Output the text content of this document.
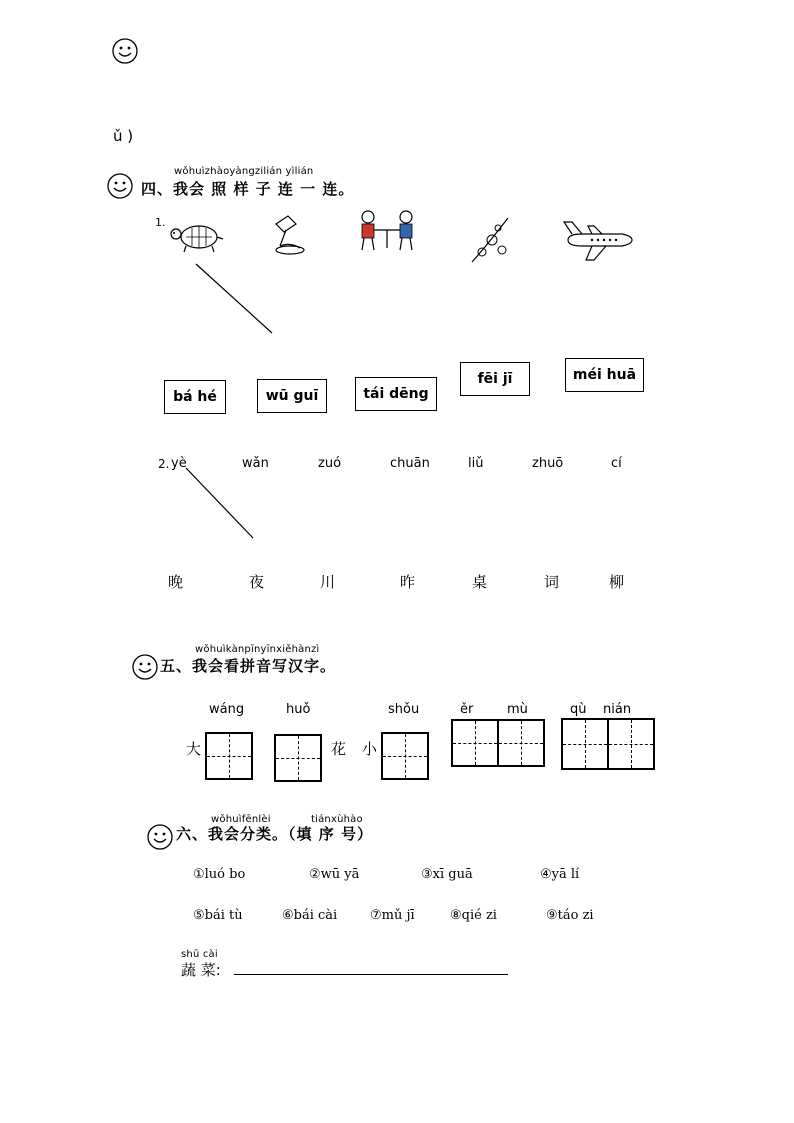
ǔ )
wǒhuìzhàoyàngzilián yìlián
四、我会 照 样 子 连 一 连。
1.
bá hé	wū guī	tái dēng
fēi jī	méi huā
2. yè	wǎn	zuó	chuān	liǔ	zhuō	cí
晚	夜	川	昨	桌	词	柳
wǒhuìkànpīnyīnxiěhànzì
五、我会看拼音写汉字。
wáng	huǒ	shǒu	ěr	mù	qù nián
大	花 小
wǒhuìfēnlèi	tiánxùhào
六、我会分类。（填 序 号）
①luó bo	②wū yā	③xī guā	④yā lí
⑤bái tù	⑥bái cài	⑦mǔ jī	⑧qié zi	⑨táo zi
shū cài
蔬 菜:
